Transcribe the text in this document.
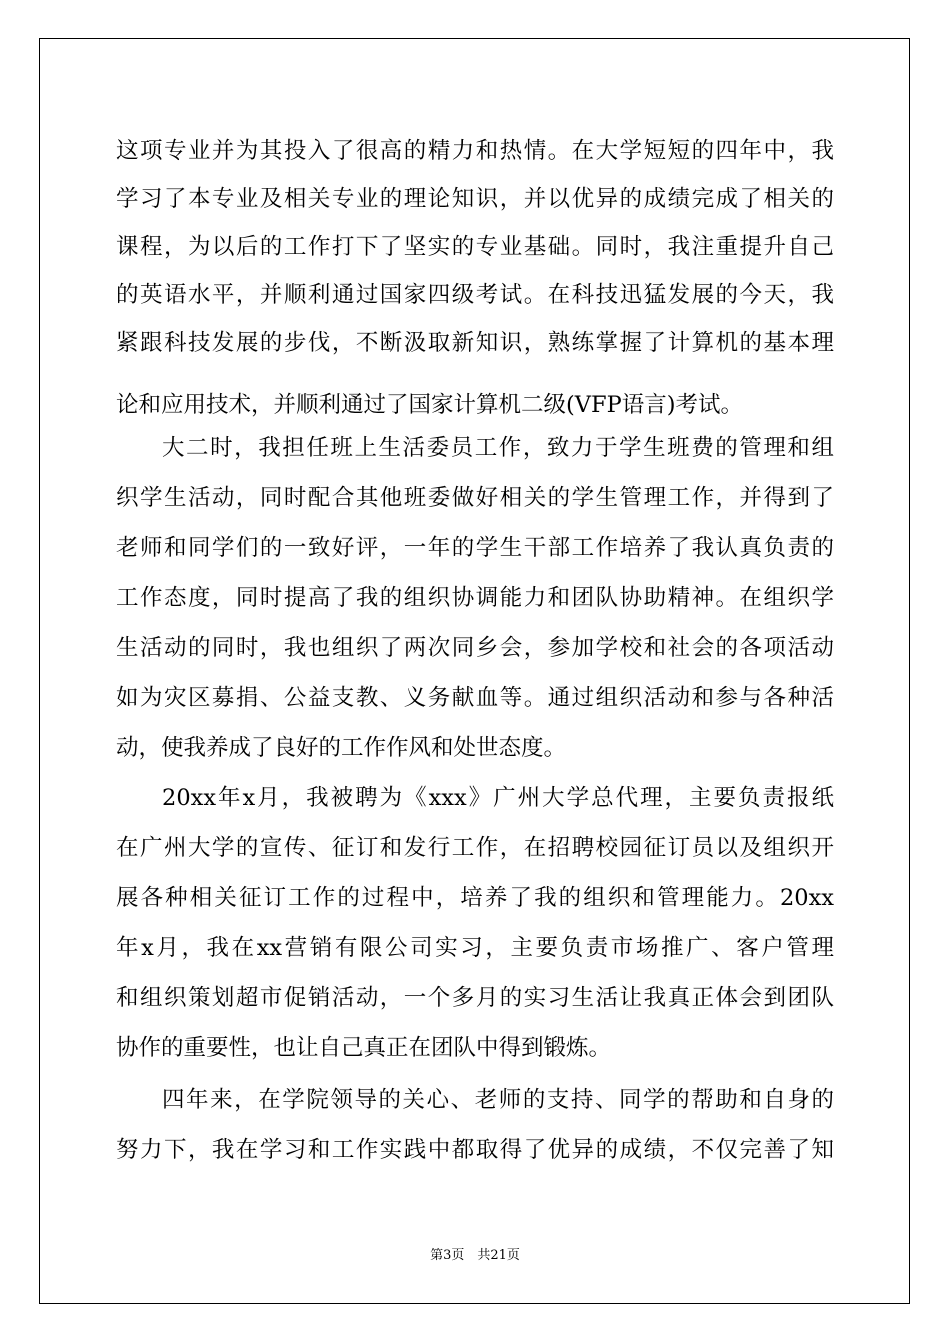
这项专业并为其投入了很高的精力和热情。在大学短短的四年中，我
学习了本专业及相关专业的理论知识，并以优异的成绩完成了相关的
课程，为以后的工作打下了坚实的专业基础。同时，我注重提升自己
的英语水平，并顺利通过国家四级考试。在科技迅猛发展的今天，我
紧跟科技发展的步伐，不断汲取新知识，熟练掌握了计算机的基本理
论和应用技术，并顺利通过了国家计算机二级(VFP语言)考试。
大二时，我担任班上生活委员工作，致力于学生班费的管理和组
织学生活动，同时配合其他班委做好相关的学生管理工作，并得到了
老师和同学们的一致好评，一年的学生干部工作培养了我认真负责的
工作态度，同时提高了我的组织协调能力和团队协助精神。在组织学
生活动的同时，我也组织了两次同乡会，参加学校和社会的各项活动
如为灾区募捐、公益支教、义务献血等。通过组织活动和参与各种活
动，使我养成了良好的工作作风和处世态度。
20xx年x月，我被聘为《xxx》广州大学总代理，主要负责报纸
在广州大学的宣传、征订和发行工作，在招聘校园征订员以及组织开
展各种相关征订工作的过程中，培养了我的组织和管理能力。20xx
年x月，我在xx营销有限公司实习，主要负责市场推广、客户管理
和组织策划超市促销活动，一个多月的实习生活让我真正体会到团队
协作的重要性，也让自己真正在团队中得到锻炼。
四年来，在学院领导的关心、老师的支持、同学的帮助和自身的
努力下，我在学习和工作实践中都取得了优异的成绩，不仅完善了知
第3页　共21页
